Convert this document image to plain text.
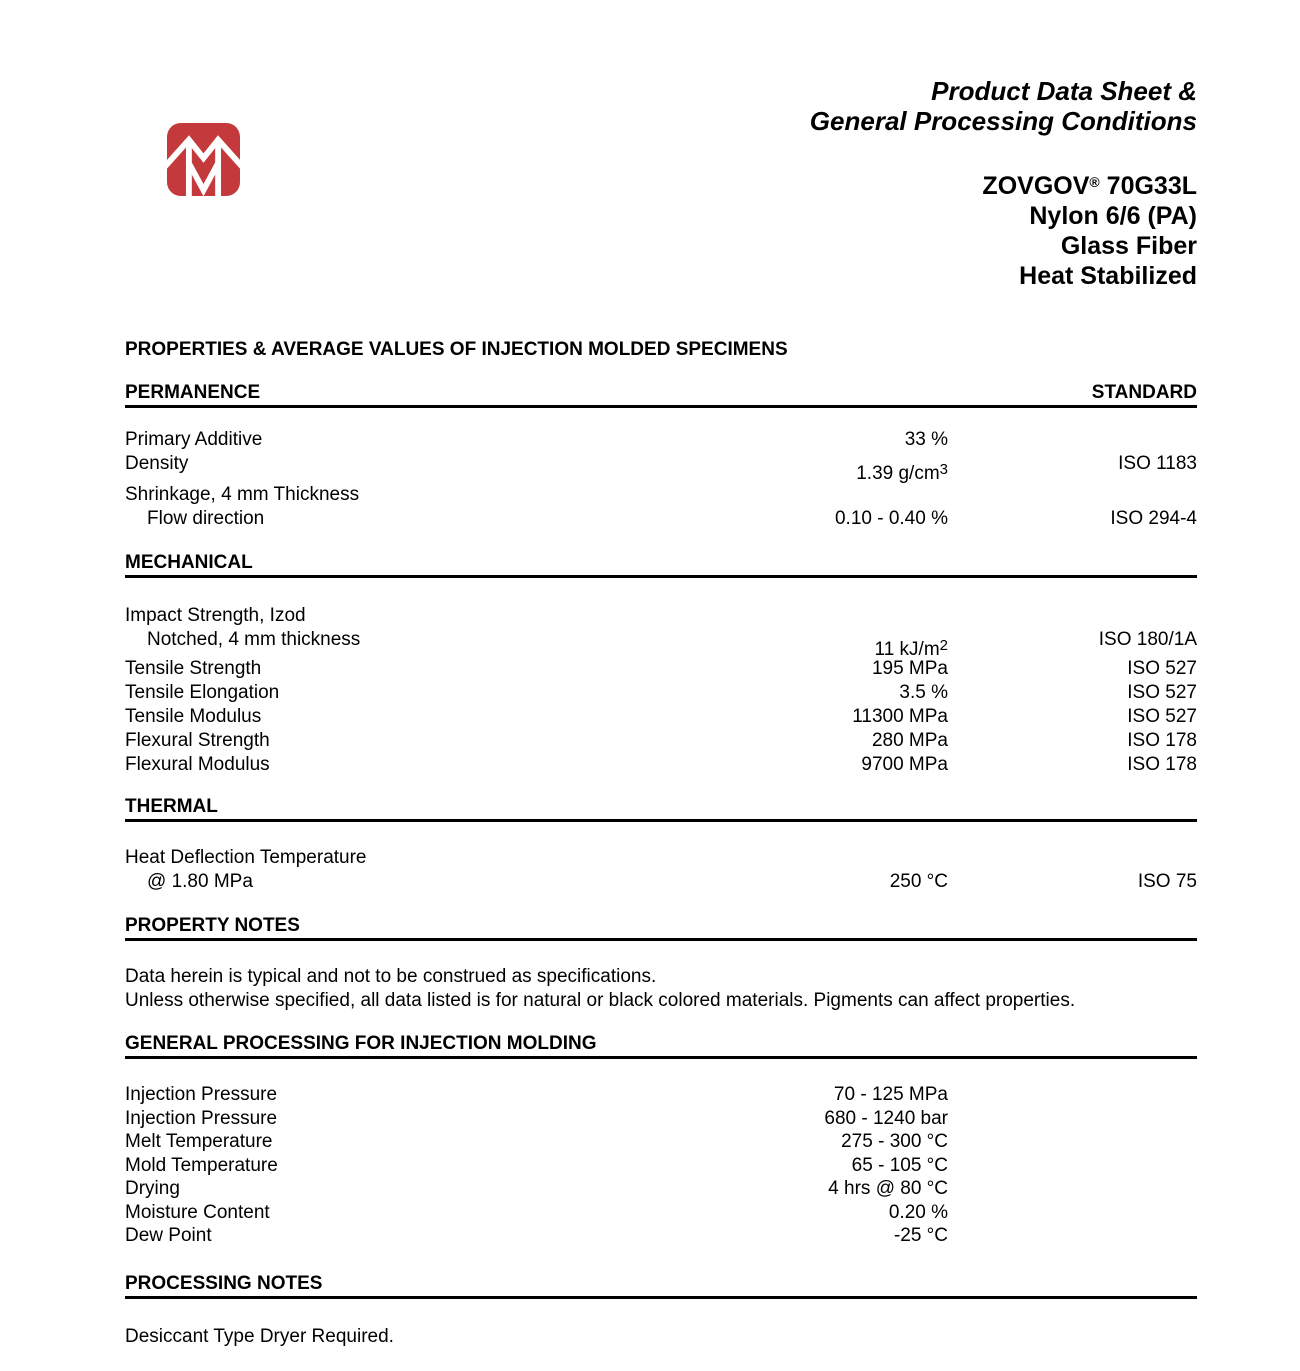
Product Data Sheet &
General Processing Conditions
ZOVGOV® 70G33L
Nylon 6/6 (PA)
Glass Fiber
Heat Stabilized
PROPERTIES & AVERAGE VALUES OF INJECTION MOLDED SPECIMENS
PERMANENCE	STANDARD
Primary Additive	33 %
Density	1.39 $g/cm^3$	ISO 1183
Shrinkage, 4 mm Thickness
Flow direction	0.10 - 0.40 %	ISO 294-4
MECHANICAL
Impact Strength, Izod
Notched, 4 mm thickness	11 $kJ/m^2$	ISO 180/1A
Tensile Strength	195 MPa	ISO 527
Tensile Elongation	3.5 %	ISO 527
Tensile Modulus	11300 MPa	ISO 527
Flexural Strength	280 MPa	ISO 178
Flexural Modulus	9700 MPa	ISO 178
THERMAL
Heat Deflection Temperature
@ 1.80 MPa	250 °C	ISO 75
PROPERTY NOTES
Data herein is typical and not to be construed as specifications.
Unless otherwise specified, all data listed is for natural or black colored materials. Pigments can affect properties.
GENERAL PROCESSING FOR INJECTION MOLDING
Injection Pressure	70 - 125 MPa
Injection Pressure	680 - 1240 bar
Melt Temperature	275 - 300 °C
Mold Temperature	65 - 105 °C
Drying	4 hrs @ 80 °C
Moisture Content	0.20 %
Dew Point	-25 °C
PROCESSING NOTES
Desiccant Type Dryer Required.
